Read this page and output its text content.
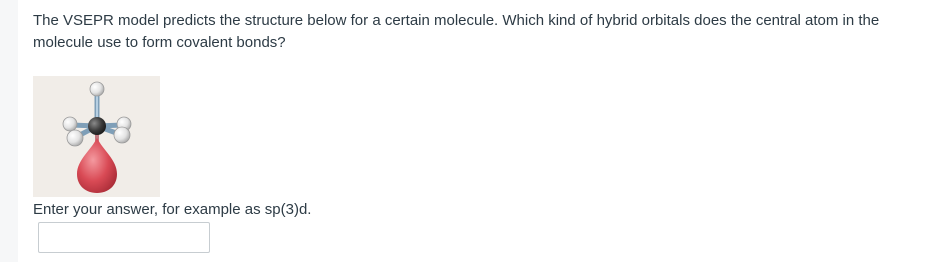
The VSEPR model predicts the structure below for a certain molecule. Which kind of hybrid orbitals does the central atom in the molecule use to form covalent bonds?

Enter your answer, for example as sp(3)d.
